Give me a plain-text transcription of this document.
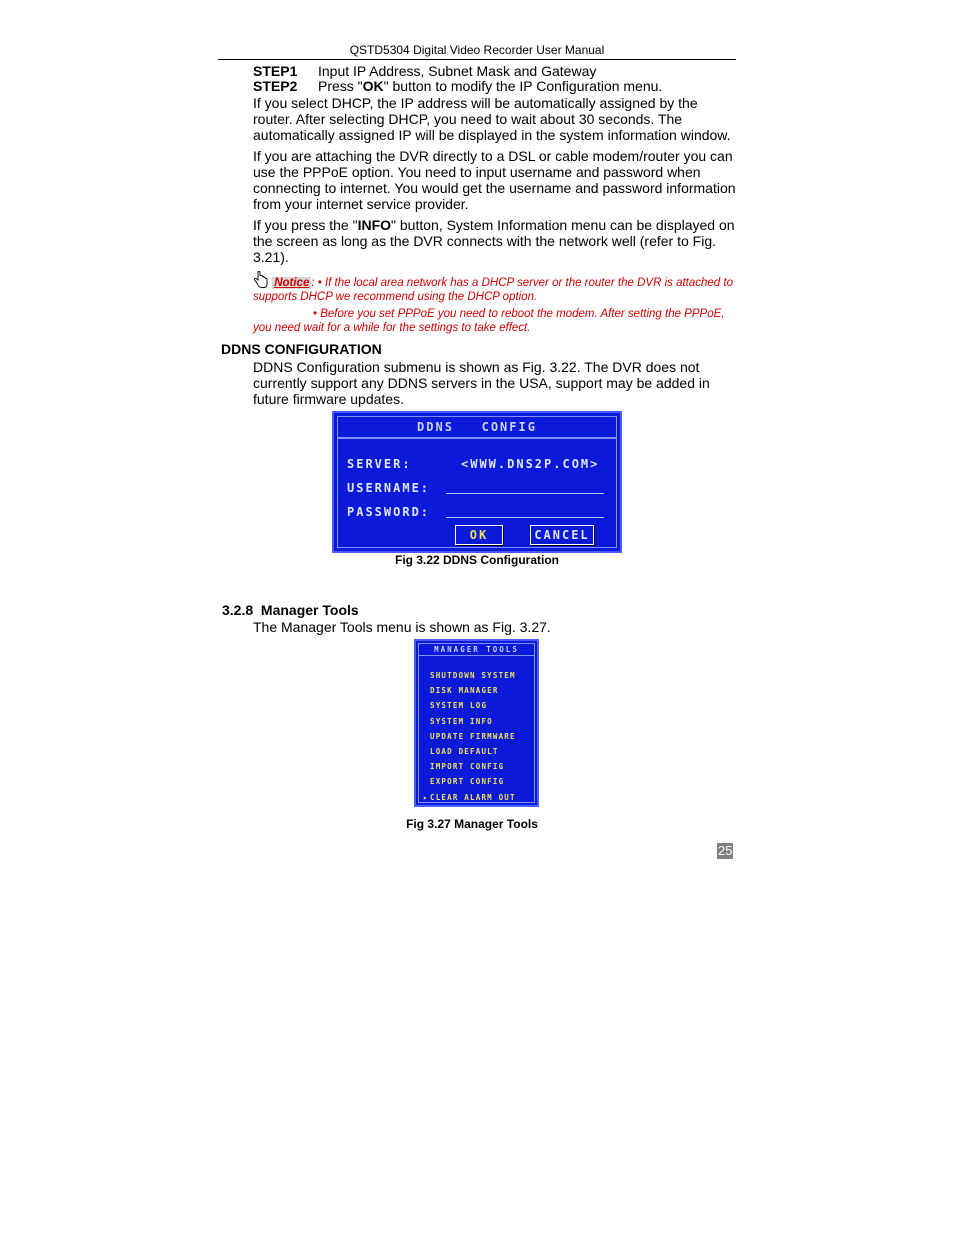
QSTD5304 Digital Video Recorder User Manual
STEP1 Input IP Address, Subnet Mask and Gateway
STEP2 Press "OK" button to modify the IP Configuration menu.
If you select DHCP, the IP address will be automatically assigned by the router. After selecting DHCP, you need to wait about 30 seconds. The automatically assigned IP will be displayed in the system information window.
If you are attaching the DVR directly to a DSL or cable modem/router you can use the PPPoE option. You need to input username and password when connecting to internet. You would get the username and password information from your internet service provider.
If you press the "INFO" button, System Information menu can be displayed on the screen as long as the DVR connects with the network well (refer to Fig. 3.21).
Notice : • If the local area network has a DHCP server or the router the DVR is attached to supports DHCP we recommend using the DHCP option.
• Before you set PPPoE you need to reboot the modem. After setting the PPPoE, you need wait for a while for the settings to take effect.
DDNS CONFIGURATION
DDNS Configuration submenu is shown as Fig. 3.22. The DVR does not currently support any DDNS servers in the USA, support may be added in future firmware updates.
DDNS   CONFIG
SERVER:	<WWW.DNS2P.COM>
USERNAME:
PASSWORD:
OK	CANCEL
Fig 3.22 DDNS Configuration
3.2.8  Manager Tools
The Manager Tools menu is shown as Fig. 3.27.
MANAGER TOOLS
SHUTDOWN SYSTEM
DISK MANAGER
SYSTEM LOG
SYSTEM INFO
UPDATE FIRMWARE
LOAD DEFAULT
IMPORT CONFIG
EXPORT CONFIG
▸ CLEAR ALARM OUT
Fig 3.27 Manager Tools
25
